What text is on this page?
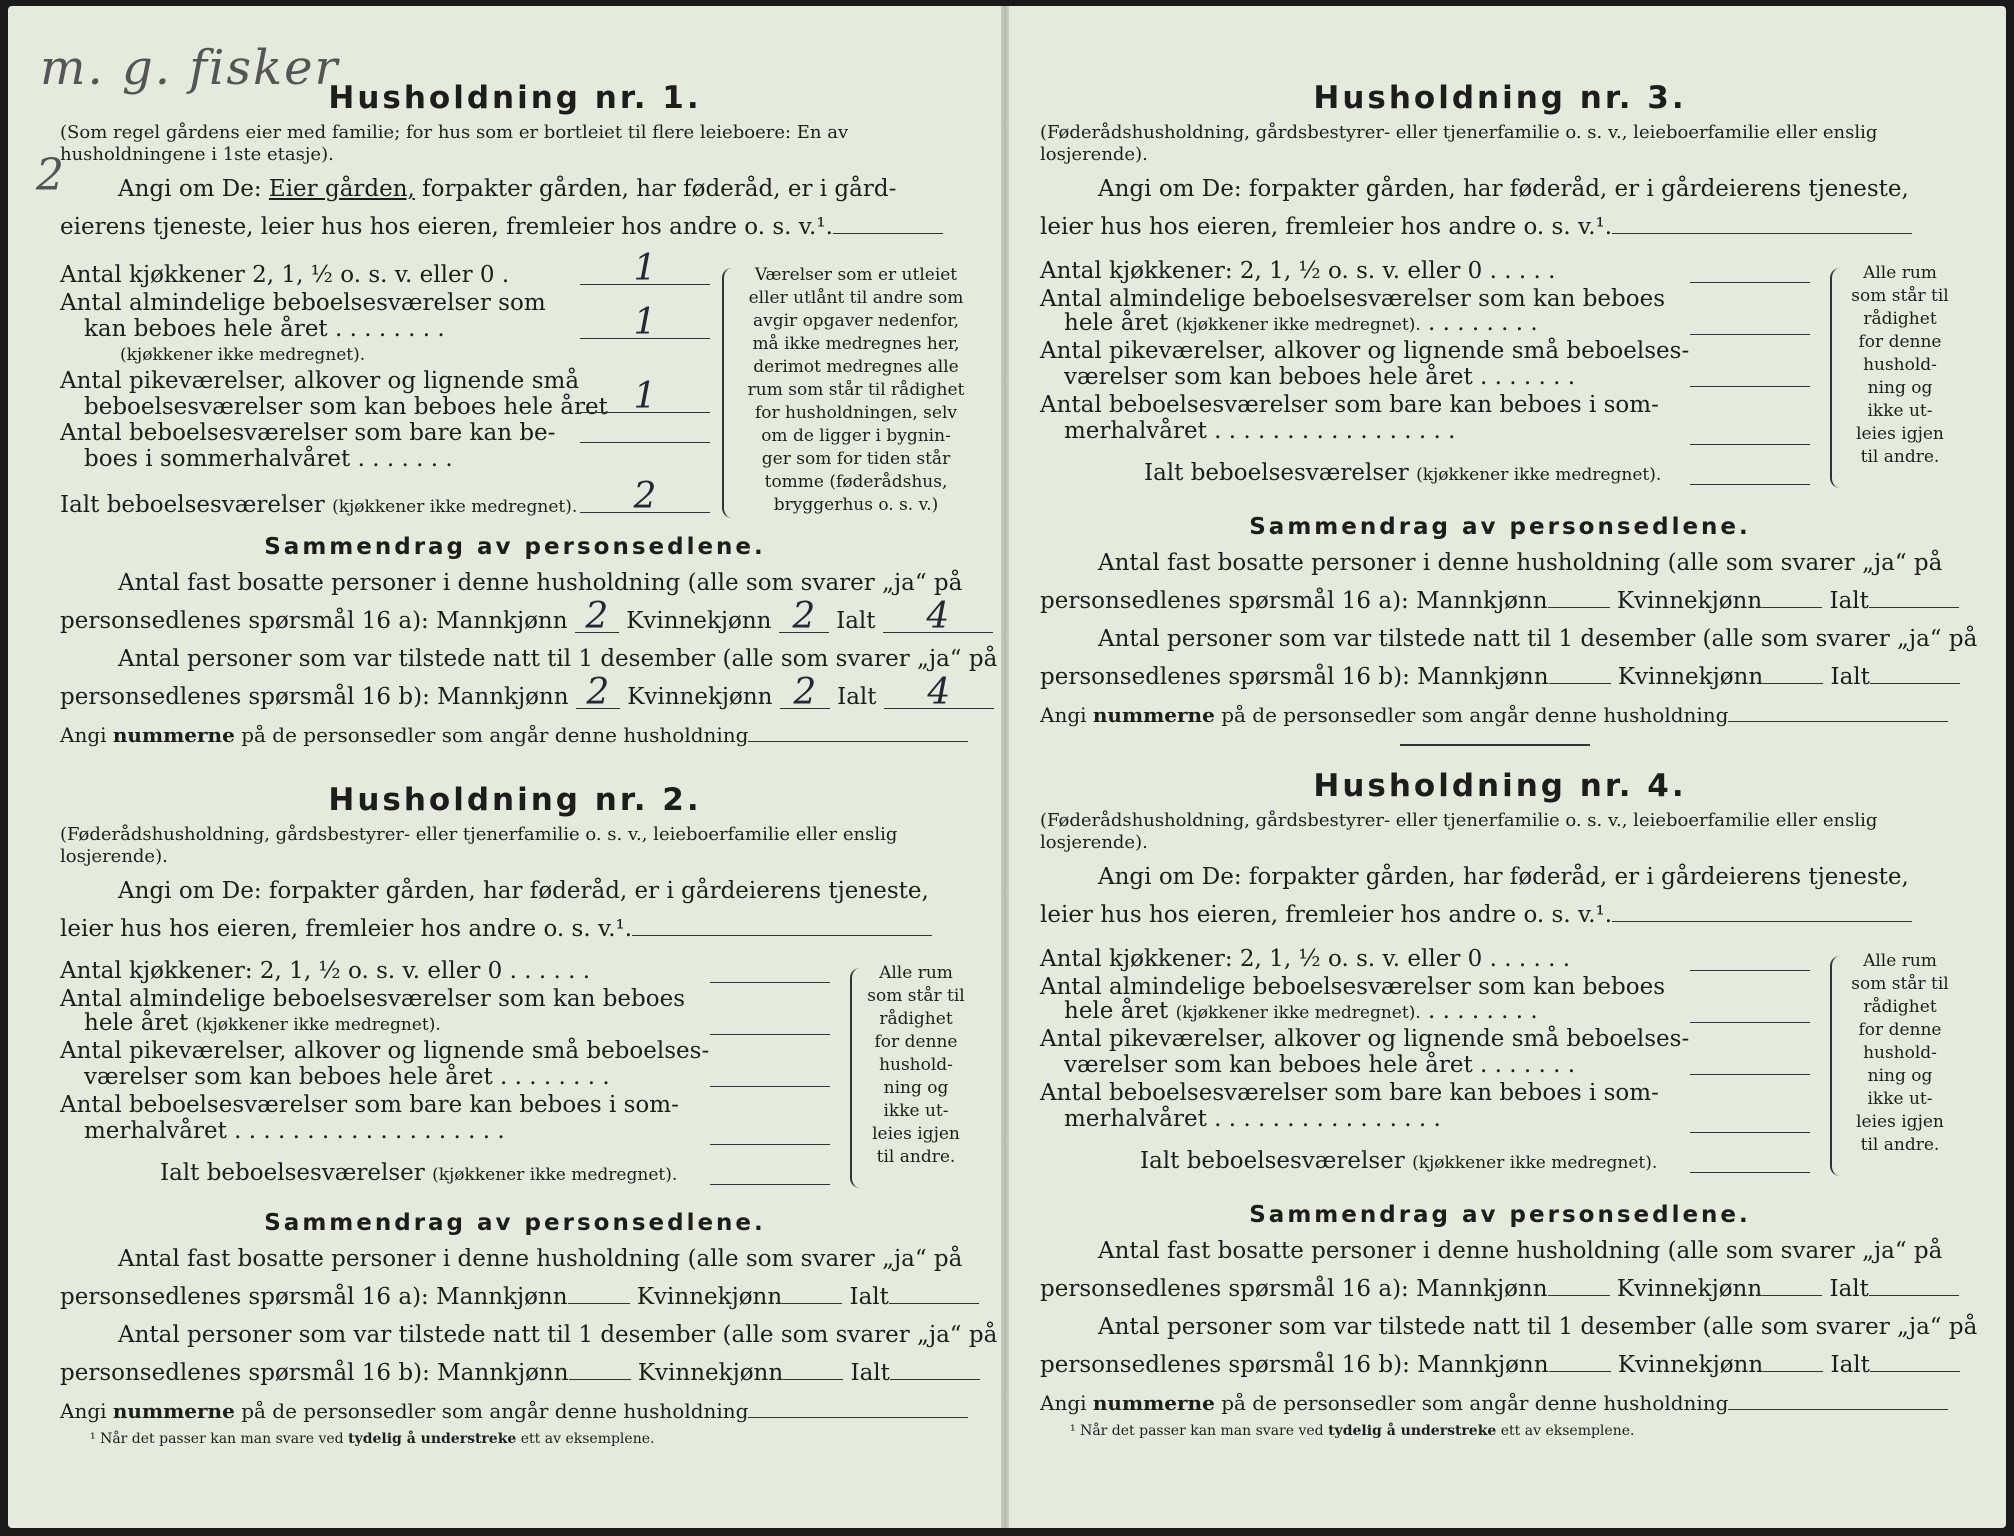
m. g. fisker
2
Husholdning nr. 1.
(Som regel gårdens eier med familie; for hus som er bortleiet til flere leieboere: En av husholdningene i 1ste etasje).
Angi om De: Eier gården, forpakter gården, har føderåd, er i gård-
eierens tjeneste, leier hus hos eieren, fremleier hos andre o. s. v.¹.
Antal kjøkkener 2, 1, ½ o. s. v. eller 0 .	1
Antal almindelige beboelsesværelser som
kan beboes hele året . . . . . . . .
(kjøkkener ikke medregnet).
1
Antal pikeværelser, alkover og lignende små
beboelsesværelser som kan beboes hele året 1
Antal beboelsesværelser som bare kan be-
boes i sommerhalvåret . . . . . . .
Ialt beboelsesværelser (kjøkkener ikke medregnet).	2
Værelser som er utleiet
eller utlånt til andre som
avgir opgaver nedenfor,
må ikke medregnes her,
derimot medregnes alle
rum som står til rådighet
for husholdningen, selv
om de ligger i bygnin-
ger som for tiden står
tomme (føderådshus,
bryggerhus o. s. v.)
Sammendrag av personsedlene.
Antal fast bosatte personer i denne husholdning (alle som svarer „ja“ på
personsedlenes spørsmål 16 a): Mannkjønn 2 Kvinnekjønn 2 Ialt 4
Antal personer som var tilstede natt til 1 desember (alle som svarer „ja“ på
personsedlenes spørsmål 16 b): Mannkjønn 2 Kvinnekjønn 2 Ialt 4
Angi nummerne på de personsedler som angår denne husholdning
Husholdning nr. 2.
(Føderådshusholdning, gårdsbestyrer- eller tjenerfamilie o. s. v., leieboerfamilie eller enslig losjerende).
Angi om De: forpakter gården, har føderåd, er i gårdeierens tjeneste,
leier hus hos eieren, fremleier hos andre o. s. v.¹.
Antal kjøkkener: 2, 1, ½ o. s. v. eller 0 . . . . . .
Antal almindelige beboelsesværelser som kan beboes
hele året (kjøkkener ikke medregnet).
Antal pikeværelser, alkover og lignende små beboelses-
værelser som kan beboes hele året . . . . . . . .
Antal beboelsesværelser som bare kan beboes i som-
merhalvåret . . . . . . . . . . . . . . . . . . .
Ialt beboelsesværelser (kjøkkener ikke medregnet).
Alle rum
som står til
rådighet
for denne
hushold-
ning og
ikke ut-
leies igjen
til andre.
Sammendrag av personsedlene.
Antal fast bosatte personer i denne husholdning (alle som svarer „ja“ på
personsedlenes spørsmål 16 a): Mannkjønn	Kvinnekjønn	Ialt
Antal personer som var tilstede natt til 1 desember (alle som svarer „ja“ på
personsedlenes spørsmål 16 b): Mannkjønn	Kvinnekjønn	Ialt
Angi nummerne på de personsedler som angår denne husholdning
¹ Når det passer kan man svare ved tydelig å understreke ett av eksemplene.
Husholdning nr. 3.
(Føderådshusholdning, gårdsbestyrer- eller tjenerfamilie o. s. v., leieboerfamilie eller enslig losjerende).
Angi om De: forpakter gården, har føderåd, er i gårdeierens tjeneste,
leier hus hos eieren, fremleier hos andre o. s. v.¹.
Antal kjøkkener: 2, 1, ½ o. s. v. eller 0 . . . . .
Antal almindelige beboelsesværelser som kan beboes
hele året (kjøkkener ikke medregnet). . . . . . . . .
Antal pikeværelser, alkover og lignende små beboelses-
værelser som kan beboes hele året . . . . . . .
Antal beboelsesværelser som bare kan beboes i som-
merhalvåret . . . . . . . . . . . . . . . . .
Ialt beboelsesværelser (kjøkkener ikke medregnet).
Alle rum
som står til
rådighet
for denne
hushold-
ning og
ikke ut-
leies igjen
til andre.
Sammendrag av personsedlene.
Antal fast bosatte personer i denne husholdning (alle som svarer „ja“ på
personsedlenes spørsmål 16 a): Mannkjønn	Kvinnekjønn	Ialt
Antal personer som var tilstede natt til 1 desember (alle som svarer „ja“ på
personsedlenes spørsmål 16 b): Mannkjønn	Kvinnekjønn	Ialt
Angi nummerne på de personsedler som angår denne husholdning
Husholdning nr. 4.
(Føderådshusholdning, gårdsbestyrer- eller tjenerfamilie o. s. v., leieboerfamilie eller enslig losjerende).
Angi om De: forpakter gården, har føderåd, er i gårdeierens tjeneste,
leier hus hos eieren, fremleier hos andre o. s. v.¹.
Antal kjøkkener: 2, 1, ½ o. s. v. eller 0 . . . . . .
Antal almindelige beboelsesværelser som kan beboes
hele året (kjøkkener ikke medregnet). . . . . . . . .
Antal pikeværelser, alkover og lignende små beboelses-
værelser som kan beboes hele året . . . . . . .
Antal beboelsesværelser som bare kan beboes i som-
merhalvåret . . . . . . . . . . . . . . . .
Ialt beboelsesværelser (kjøkkener ikke medregnet).
Alle rum
som står til
rådighet
for denne
hushold-
ning og
ikke ut-
leies igjen
til andre.
Sammendrag av personsedlene.
Antal fast bosatte personer i denne husholdning (alle som svarer „ja“ på
personsedlenes spørsmål 16 a): Mannkjønn	Kvinnekjønn	Ialt
Antal personer som var tilstede natt til 1 desember (alle som svarer „ja“ på
personsedlenes spørsmål 16 b): Mannkjønn	Kvinnekjønn	Ialt
Angi nummerne på de personsedler som angår denne husholdning
¹ Når det passer kan man svare ved tydelig å understreke ett av eksemplene.
